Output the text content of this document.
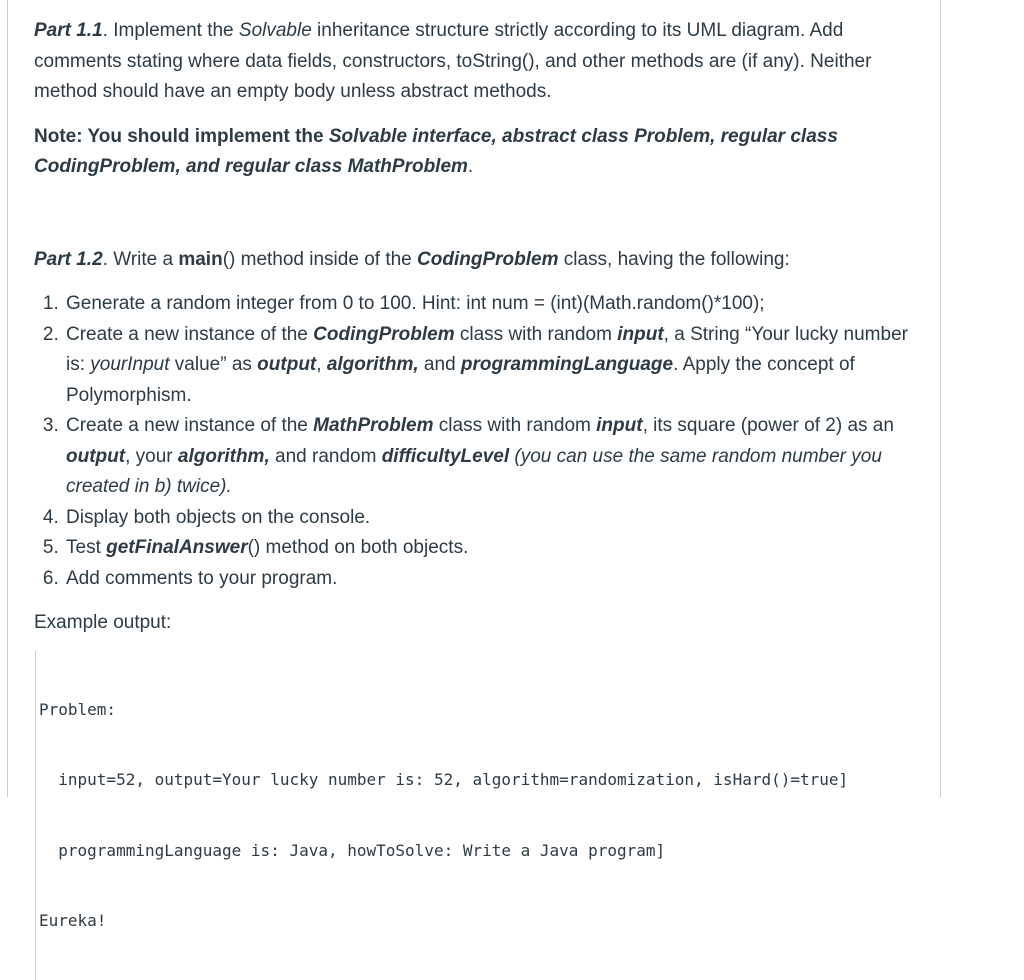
Part 1.1. Implement the Solvable inheritance structure strictly according to its UML diagram. Add comments stating where data fields, constructors, toString(), and other methods are (if any). Neither method should have an empty body unless abstract methods.

Note: You should implement the Solvable interface, abstract class Problem, regular class CodingProblem, and regular class MathProblem.

Part 1.2. Write a main() method inside of the CodingProblem class, having the following:

1. Generate a random integer from 0 to 100. Hint: int num = (int)(Math.random()*100);
2. Create a new instance of the CodingProblem class with random input, a String “Your lucky number is: yourInput value” as output, algorithm, and programmingLanguage. Apply the concept of Polymorphism.
3. Create a new instance of the MathProblem class with random input, its square (power of 2) as an output, your algorithm, and random difficultyLevel (you can use the same random number you created in b) twice).
4. Display both objects on the console.
5. Test getFinalAnswer() method on both objects.
6. Add comments to your program.

Example output:

Problem:

input=52, output=Your lucky number is: 52, algorithm=randomization, isHard()=true]

programmingLanguage is: Java, howToSolve: Write a Java program]

Eureka!
